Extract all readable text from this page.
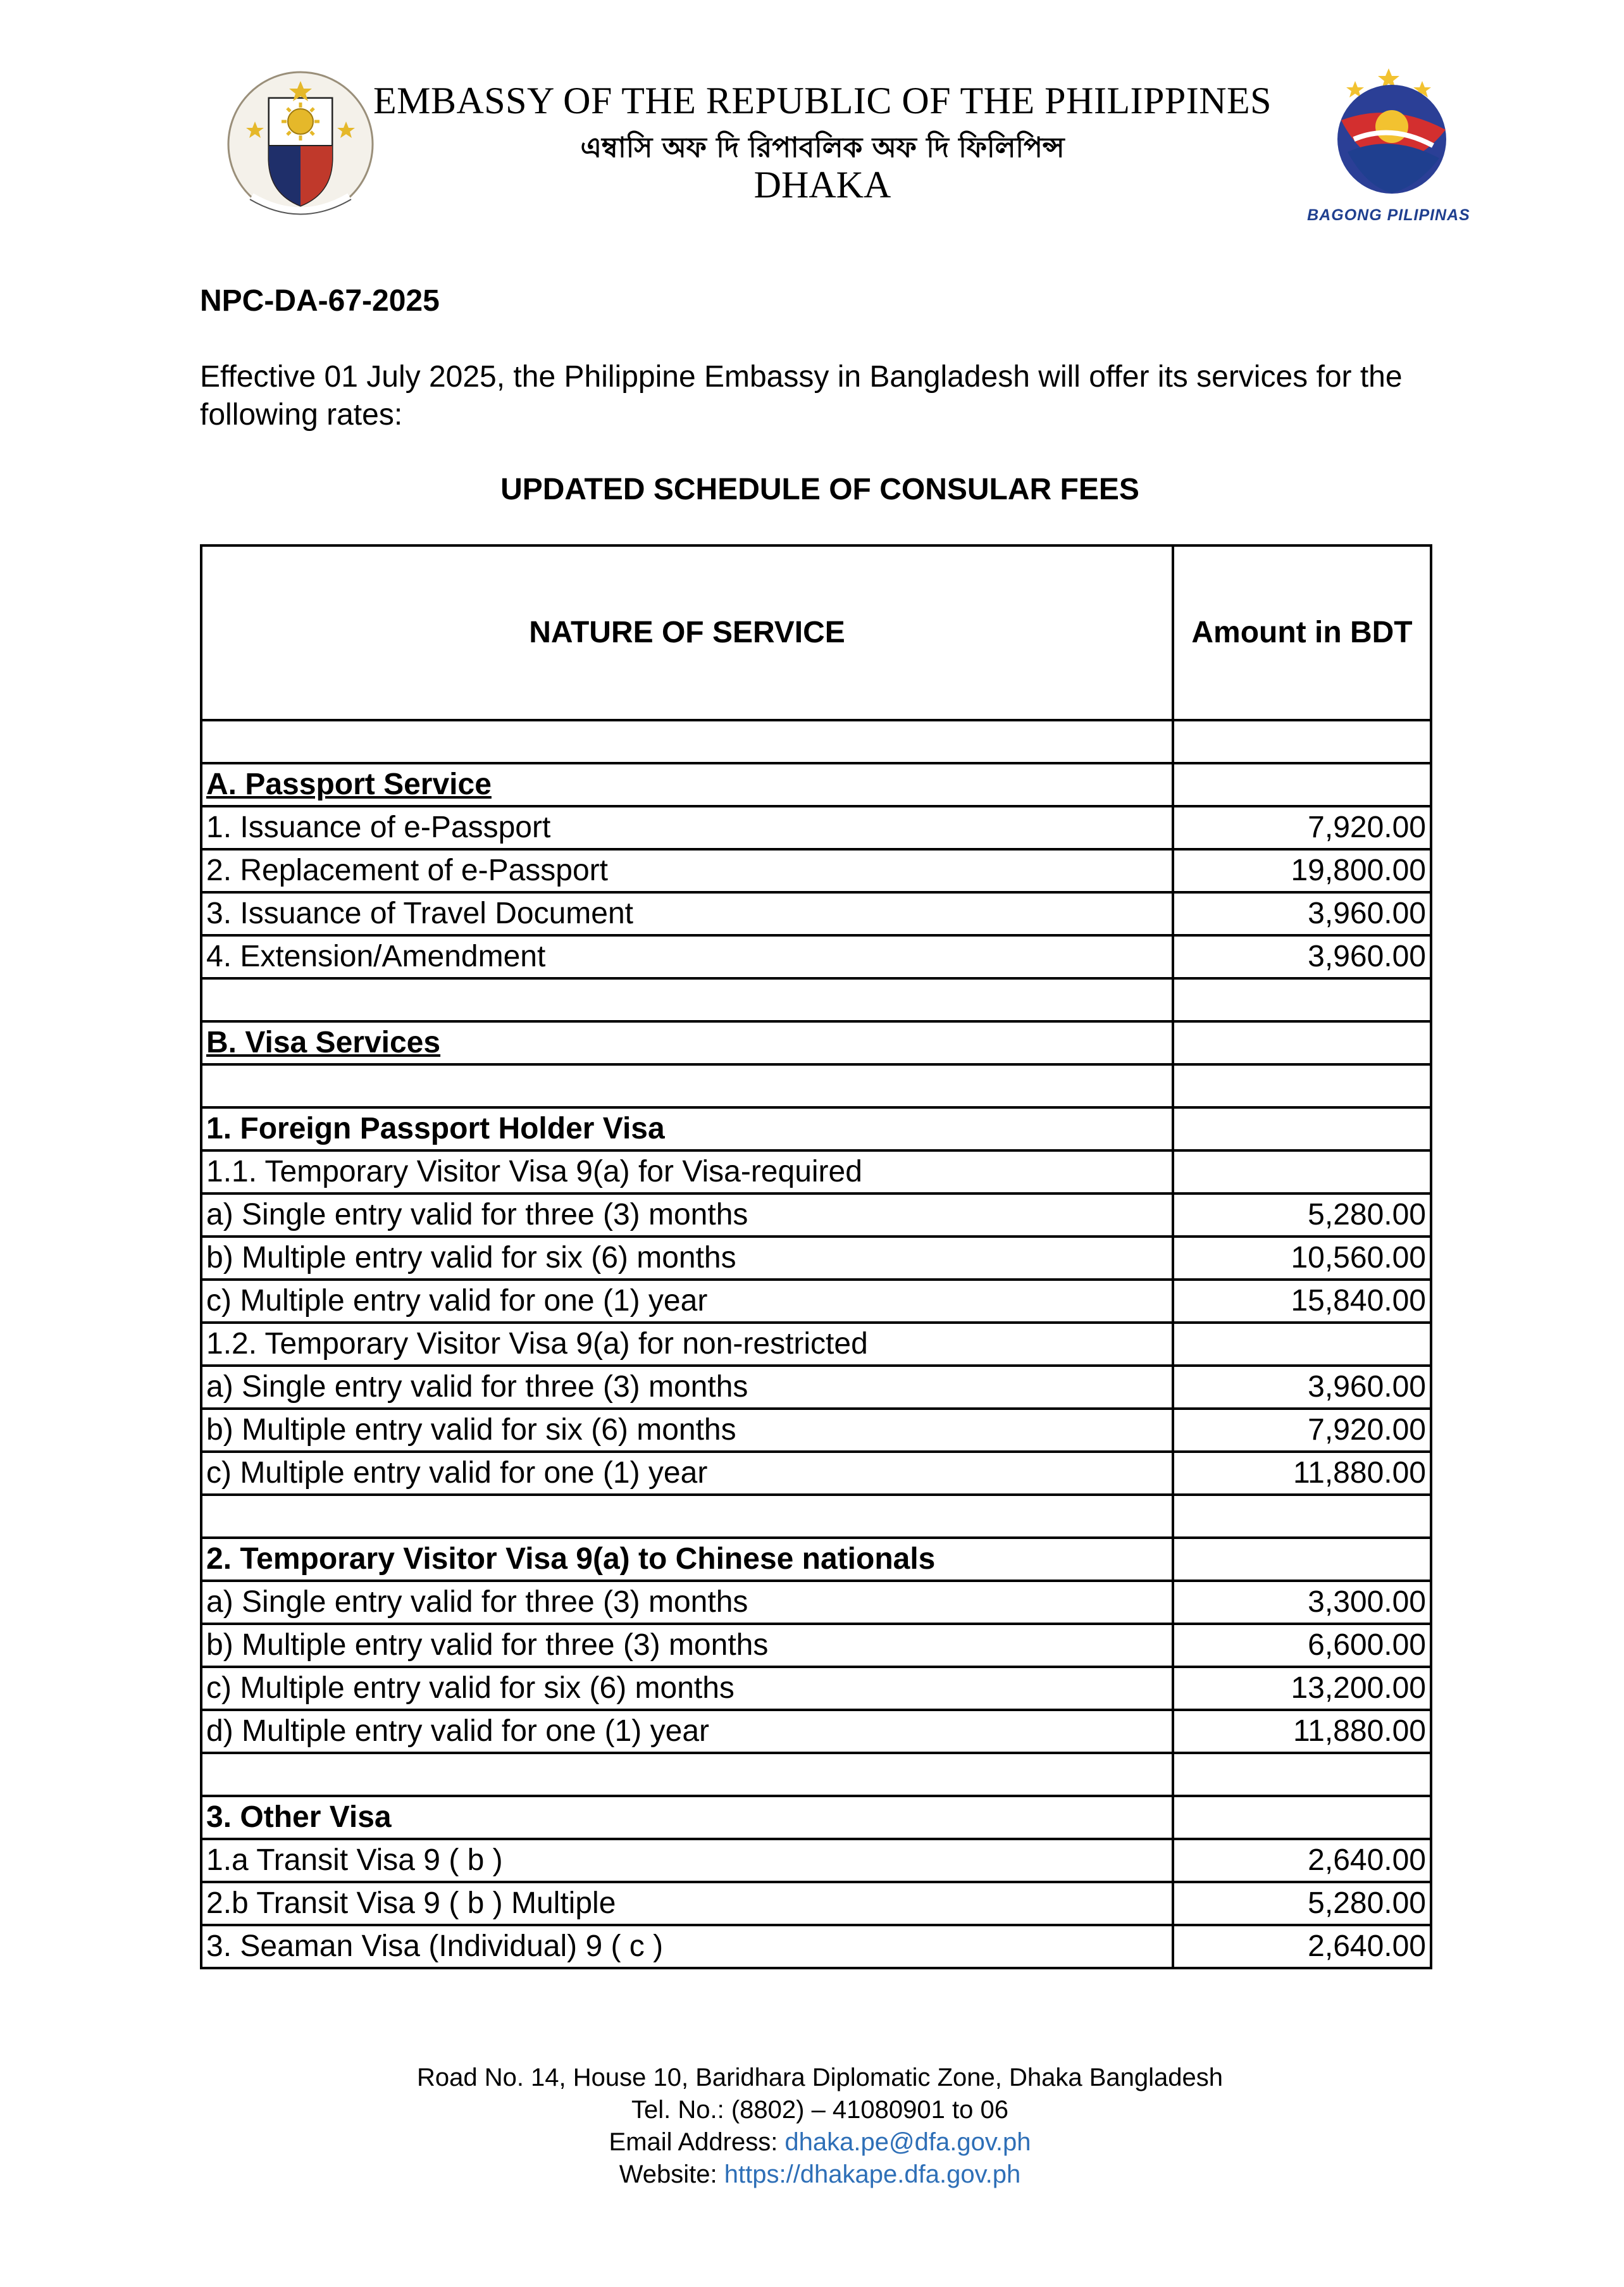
EMBASSY OF THE REPUBLIC OF THE PHILIPPINES
এম্বাসি অফ দি রিপাবলিক অফ দি ফিলিপিন্স
DHAKA
BAGONG PILIPINAS
NPC-DA-67-2025
Effective 01 July 2025, the Philippine Embassy in Bangladesh will offer its services for the following rates:
UPDATED SCHEDULE OF CONSULAR FEES
NATURE OF SERVICE	Amount in BDT

A. Passport Service	
1. Issuance of e-Passport	7,920.00
2. Replacement of e-Passport	19,800.00
3. Issuance of Travel Document	3,960.00
4. Extension/Amendment	3,960.00

B. Visa Services	

1. Foreign Passport Holder Visa	
1.1. Temporary Visitor Visa 9(a) for Visa-required	
a) Single entry valid for three (3) months	5,280.00
b) Multiple entry valid for six (6) months	10,560.00
c) Multiple entry valid for one (1) year	15,840.00
1.2. Temporary Visitor Visa 9(a) for non-restricted	
a) Single entry valid for three (3) months	3,960.00
b) Multiple entry valid for six (6) months	7,920.00
c) Multiple entry valid for one (1) year	11,880.00

2. Temporary Visitor Visa 9(a) to Chinese nationals	
a) Single entry valid for three (3) months	3,300.00
b) Multiple entry valid for three (3) months	6,600.00
c) Multiple entry valid for six (6) months	13,200.00
d) Multiple entry valid for one (1) year	11,880.00

3. Other Visa	
1.a Transit Visa 9 ( b )	2,640.00
2.b Transit Visa 9 ( b ) Multiple	5,280.00
3. Seaman Visa (Individual) 9 ( c )	2,640.00
Road No. 14, House 10, Baridhara Diplomatic Zone, Dhaka Bangladesh
Tel. No.: (8802) – 41080901 to 06
Email Address: dhaka.pe@dfa.gov.ph
Website: https://dhakape.dfa.gov.ph
